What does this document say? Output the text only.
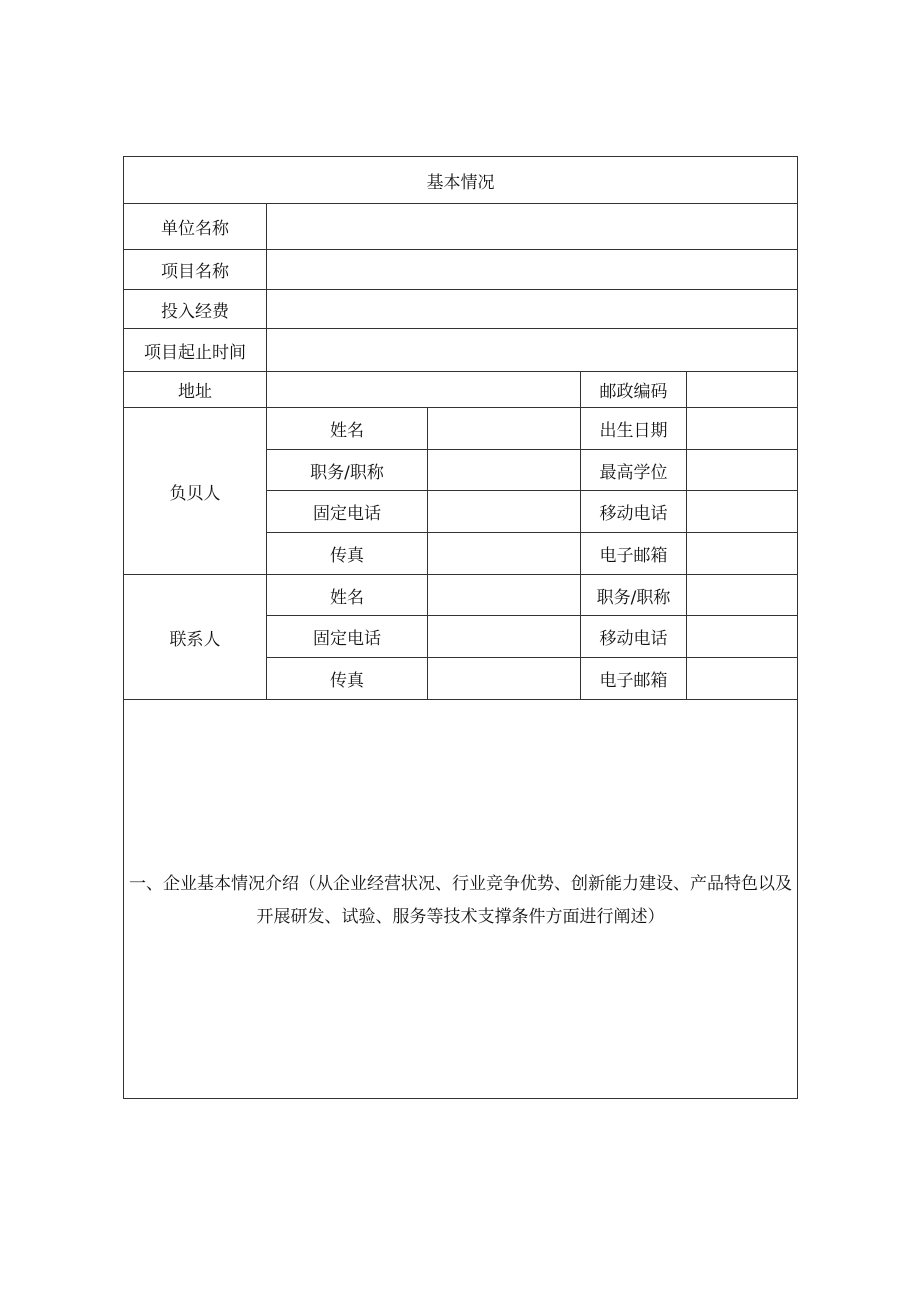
基本情况				
单位名称				
项目名称				
投入经费				
项目起止时间				
地址			邮政编码	
负贝人	姓名		出生日期	
	职务/职称		最高学位	
	固定电话		移动电话	
	传真		电子邮箱	
联系人	姓名		职务/职称	
	固定电话		移动电话	
	传真		电子邮箱	

一、企业基本情况介绍（从企业经营状况、行业竞争优势、创新能力建设、产品特色以及开展研发、试验、服务等技术支撑条件方面进行阐述）				
